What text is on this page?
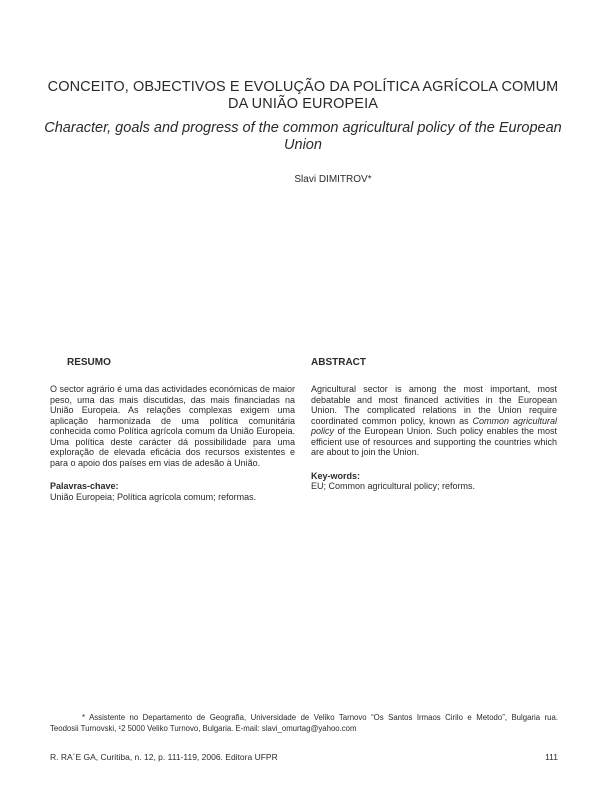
CONCEITO, OBJECTIVOS E EVOLUÇÃO DA POLÍTICA AGRÍCOLA COMUM DA UNIÃO EUROPEIA
Character, goals and progress of the common agricultural policy of the European Union
Slavi DIMITROV*
RESUMO

O sector agrário é uma das actividades económicas de maior peso, uma das mais discutidas, das mais financiadas na União Europeia. As relações complexas exigem uma aplicação harmonizada de uma política comunitária conhecida como Política agrícola comum da União Europeia. Uma política deste carácter dá possibilidade para uma exploração de elevada eficácia dos recursos existentes e para o apoio dos países em vias de adesão à União.

Palavras-chave:
União Europeia; Política agrícola comum; reformas.
ABSTRACT

Agricultural sector is among the most important, most debatable and most financed activities in the European Union. The complicated relations in the Union require coordinated common policy, known as Common agricultural policy of the European Union. Such policy enables the most efficient use of resources and supporting the countries which are about to join the Union.

Key-words:
EU; Common agricultural policy; reforms.

* Assistente no Departamento de Geografia, Universidade de Veliko Tarnovo “Os Santos Irmaos Cirilo e Metodo”, Bulgaria rua.

Teodosii Turnovski, ¹2 5000 Veliko Turnovo, Bulgaria. E-mail: slavi_omurtag@yahoo.com

R. RA´E GA, Curitiba, n. 12, p. 111-119, 2006. Editora UFPR	111
